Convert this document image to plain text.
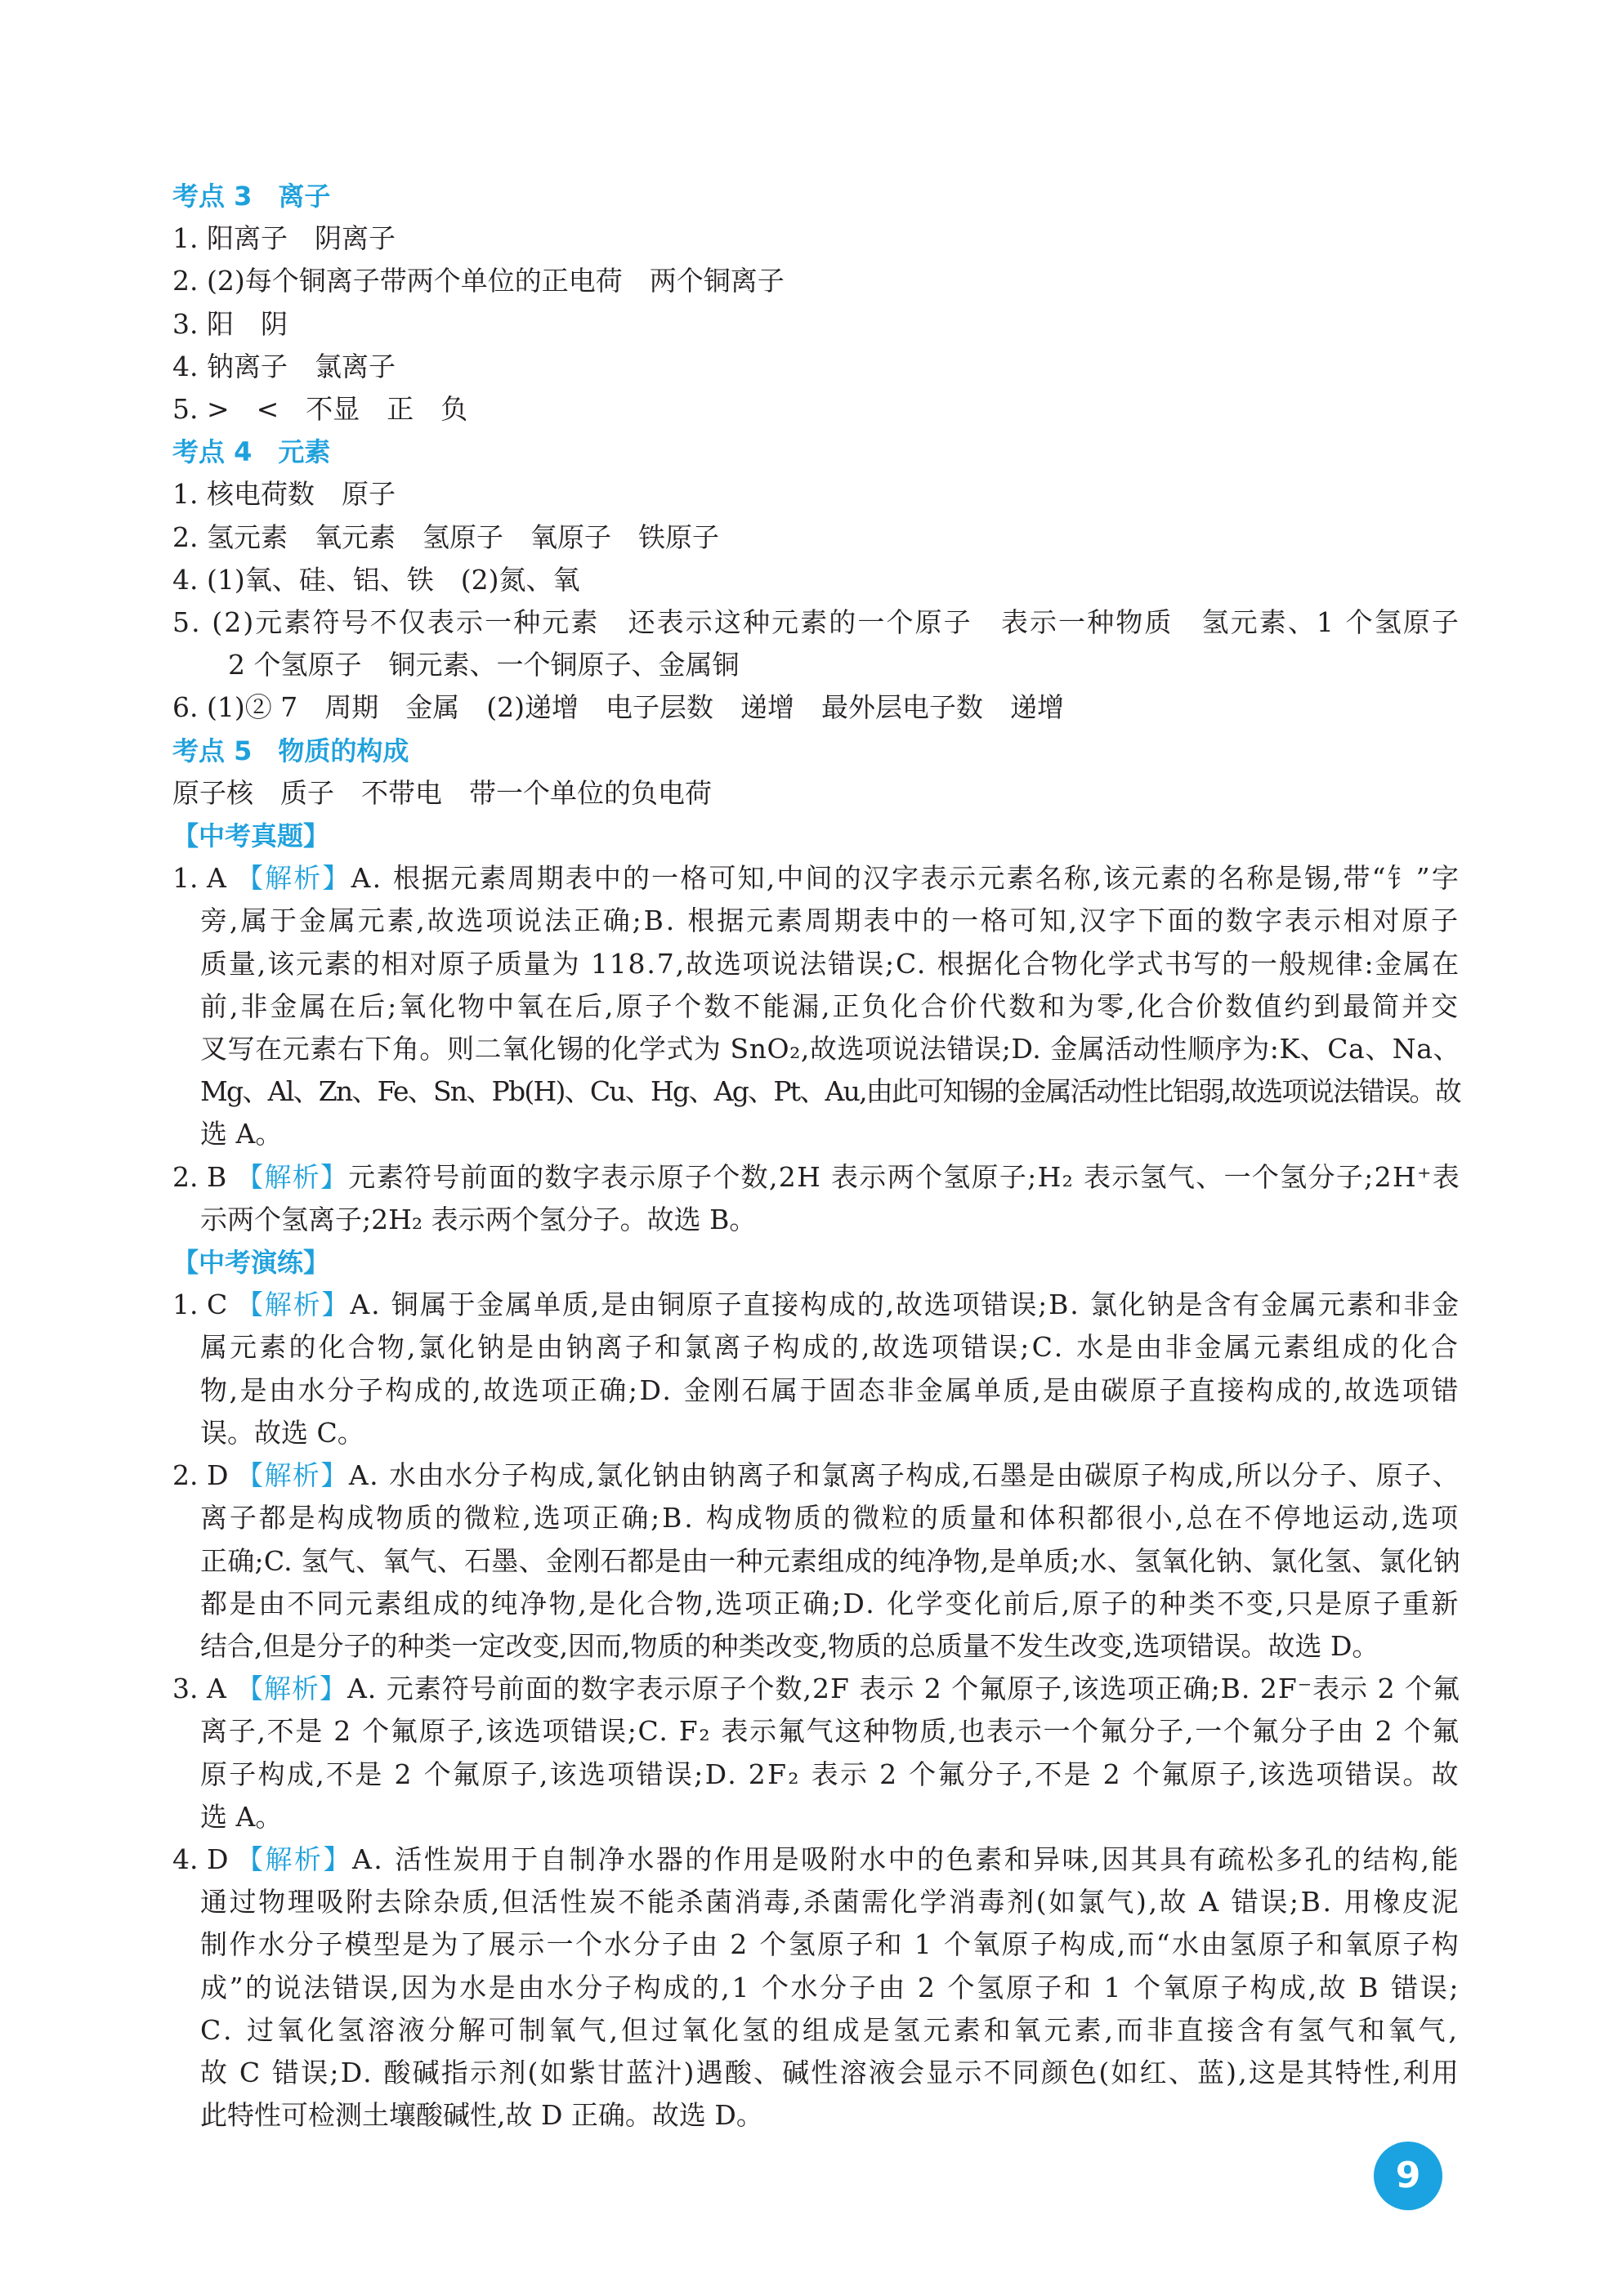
考点 3　离子
1. 阳离子　阴离子
2. (2)每个铜离子带两个单位的正电荷　两个铜离子
3. 阳　阴
4. 钠离子　氯离子
5. >　<　不显　正　负
考点 4　元素
1. 核电荷数　原子
2. 氢元素　氧元素　氢原子　氧原子　铁原子
4. (1)氧、硅、铝、铁　(2)氮、氧
5. (2)元素符号不仅表示一种元素　还表示这种元素的一个原子　表示一种物质　氢元素、1 个氢原子
2 个氢原子　铜元素、一个铜原子、金属铜
6. (1)② 7　周期　金属　(2)递增　电子层数　递增　最外层电子数　递增
考点 5　物质的构成
原子核　质子　不带电　带一个单位的负电荷
【中考真题】
1. A 【解析】A. 根据元素周期表中的一格可知,中间的汉字表示元素名称,该元素的名称是锡,带“钅”字
旁,属于金属元素,故选项说法正确;B. 根据元素周期表中的一格可知,汉字下面的数字表示相对原子
质量,该元素的相对原子质量为 118.7,故选项说法错误;C. 根据化合物化学式书写的一般规律:金属在
前,非金属在后;氧化物中氧在后,原子个数不能漏,正负化合价代数和为零,化合价数值约到最简并交
叉写在元素右下角。则二氧化锡的化学式为 SnO₂,故选项说法错误;D. 金属活动性顺序为:K、Ca、Na、
Mg、Al、Zn、Fe、Sn、Pb(H)、Cu、Hg、Ag、Pt、Au,由此可知锡的金属活动性比铝弱,故选项说法错误。故
选 A。
2. B 【解析】元素符号前面的数字表示原子个数,2H 表示两个氢原子;H₂ 表示氢气、一个氢分子;2H⁺表
示两个氢离子;2H₂ 表示两个氢分子。故选 B。
【中考演练】
1. C 【解析】A. 铜属于金属单质,是由铜原子直接构成的,故选项错误;B. 氯化钠是含有金属元素和非金
属元素的化合物,氯化钠是由钠离子和氯离子构成的,故选项错误;C. 水是由非金属元素组成的化合
物,是由水分子构成的,故选项正确;D. 金刚石属于固态非金属单质,是由碳原子直接构成的,故选项错
误。故选 C。
2. D 【解析】A. 水由水分子构成,氯化钠由钠离子和氯离子构成,石墨是由碳原子构成,所以分子、原子、
离子都是构成物质的微粒,选项正确;B. 构成物质的微粒的质量和体积都很小,总在不停地运动,选项
正确;C. 氢气、氧气、石墨、金刚石都是由一种元素组成的纯净物,是单质;水、氢氧化钠、氯化氢、氯化钠
都是由不同元素组成的纯净物,是化合物,选项正确;D. 化学变化前后,原子的种类不变,只是原子重新
结合,但是分子的种类一定改变,因而,物质的种类改变,物质的总质量不发生改变,选项错误。故选 D。
3. A 【解析】A. 元素符号前面的数字表示原子个数,2F 表示 2 个氟原子,该选项正确;B. 2F⁻表示 2 个氟
离子,不是 2 个氟原子,该选项错误;C. F₂ 表示氟气这种物质,也表示一个氟分子,一个氟分子由 2 个氟
原子构成,不是 2 个氟原子,该选项错误;D. 2F₂ 表示 2 个氟分子,不是 2 个氟原子,该选项错误。故
选 A。
4. D 【解析】A. 活性炭用于自制净水器的作用是吸附水中的色素和异味,因其具有疏松多孔的结构,能
通过物理吸附去除杂质,但活性炭不能杀菌消毒,杀菌需化学消毒剂(如氯气),故 A 错误;B. 用橡皮泥
制作水分子模型是为了展示一个水分子由 2 个氢原子和 1 个氧原子构成,而“水由氢原子和氧原子构
成”的说法错误,因为水是由水分子构成的,1 个水分子由 2 个氢原子和 1 个氧原子构成,故 B 错误;
C. 过氧化氢溶液分解可制氧气,但过氧化氢的组成是氢元素和氧元素,而非直接含有氢气和氧气,
故 C 错误;D. 酸碱指示剂(如紫甘蓝汁)遇酸、碱性溶液会显示不同颜色(如红、蓝),这是其特性,利用
此特性可检测土壤酸碱性,故 D 正确。故选 D。
9
